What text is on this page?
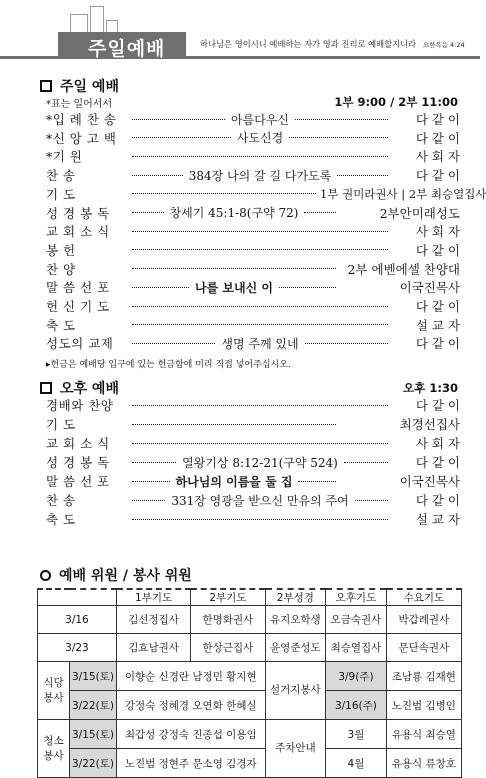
주일예배	하나님은 영이시니 예배하는 자가 영과 진리로 예배할지니라 요한복음 4:24
주일 예배
*표는 일어서서	1부 9:00 / 2부 11:00
*입 례 찬 송	아름다우신	다 같 이
*신 앙 고 백	사도신경	다 같 이
*기 원	사 회 자
찬 송	384장 나의 갈 길 다가도록	다 같 이
기 도	1부 권미라권사 | 2부 최승열집사
성 경 봉 독	창세기 45:1-8(구약 72)	2부안미래성도
교 회 소 식	사 회 자
봉 헌	다 같 이
찬 양	2부 에벤에셀 찬양대
말 씀 선 포	나를 보내신 이	이국진목사
헌 신 기 도	다 같 이
축 도	설 교 자
성도의 교제	생명 주께 있네	다 같 이
▸헌금은 예배당 입구에 있는 헌금함에 미리 직접 넣어주십시오.
오후 예배	오후 1:30
경배와 찬양	다 같 이
기 도	최경선집사
교 회 소 식	사 회 자
성 경 봉 독	열왕기상 8:12-21(구약 524)	다 같 이
말 씀 선 포	하나님의 이름을 둘 집	이국진목사
찬 송	331장 영광을 받으신 만유의 주여	다 같 이
축 도	설 교 자
예배 위원 / 봉사 위원
		1부기도	2부기도	2부성경	오후기도	수요기도
3/16		김선정집사	한명화권사	유지오학생	오금숙권사	박갑례권사
3/23		김효남권사	한상근집사	윤영준성도	최승열집사	문단속권사
식당봉사	3/15(토)	이향순 신경란 남정민 황지현		설거지봉사	3/9(주)	조남룡 김재현
	3/22(토)	강정숙 정혜경 오연화 한혜실			3/16(주)	노진범 김병인
청소봉사	3/15(토)	최갑성 강정숙 진종섭 이용임		주차안내	3월	유용식 최승열
	3/22(토)	노진범 정현주 문소영 김경자			4월	유용식 류창호
